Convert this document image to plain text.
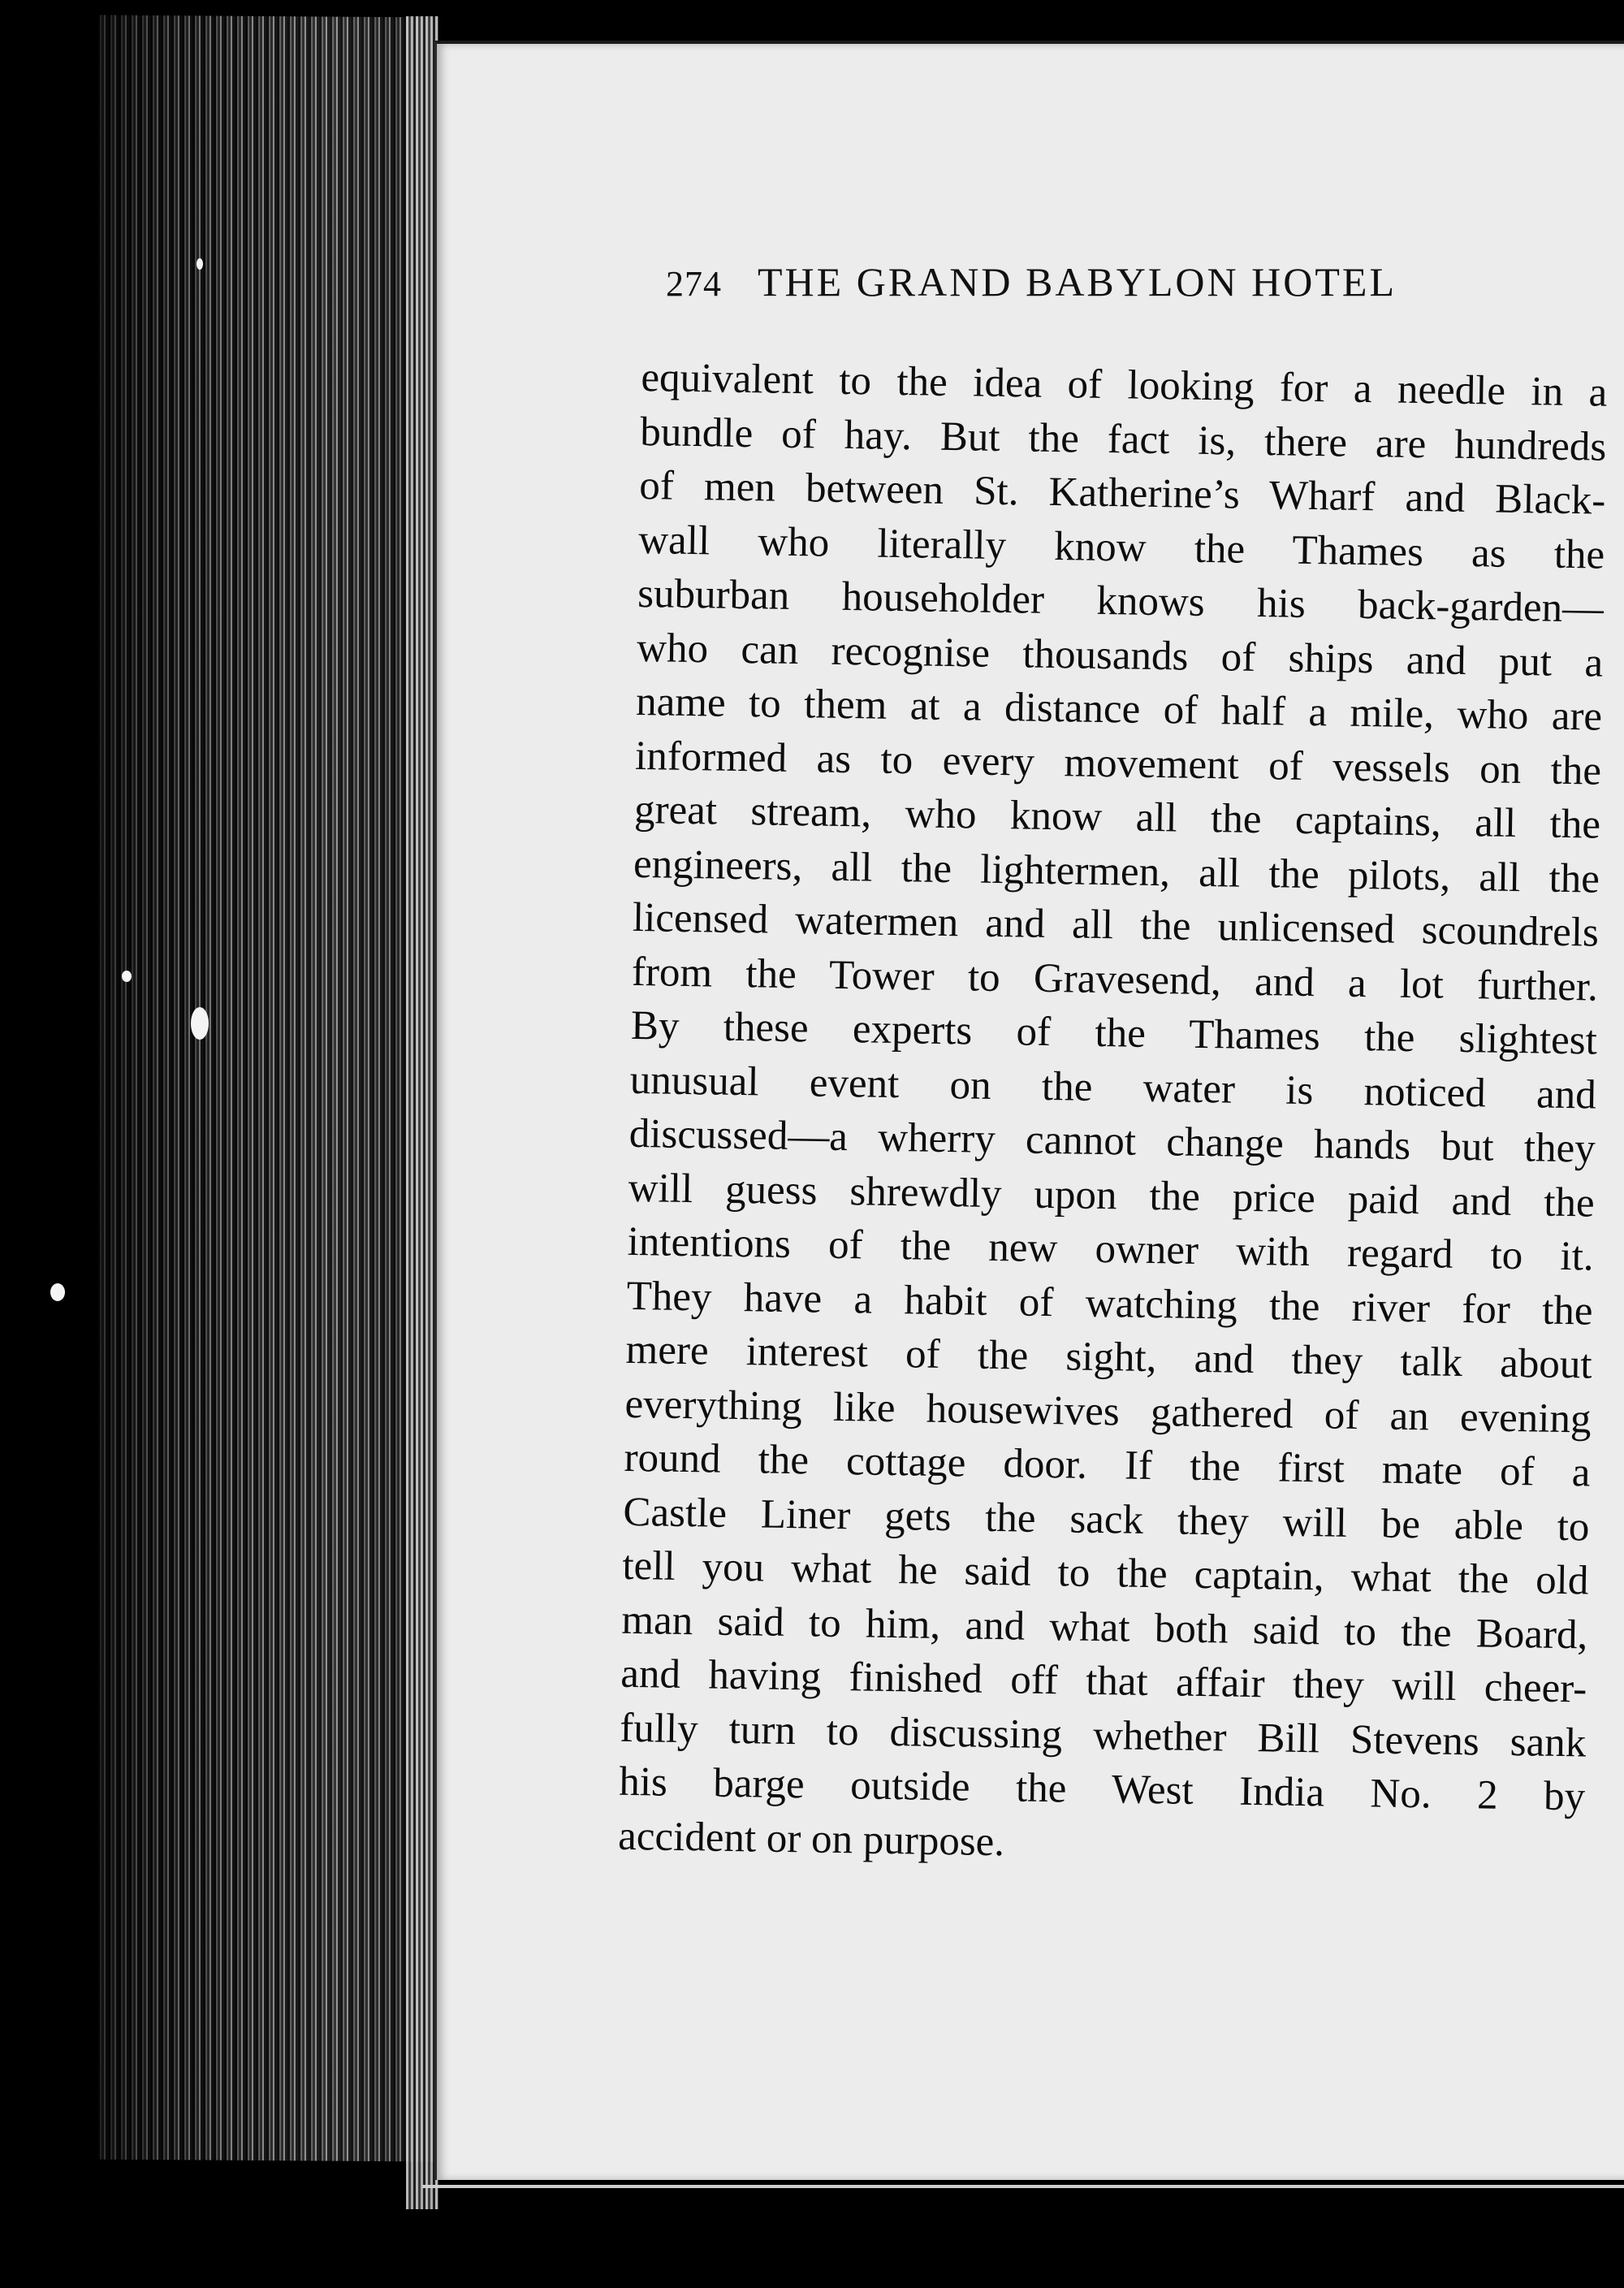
274 THE GRAND BABYLON HOTEL
equivalent to the idea of looking for a needle in a
bundle of hay. But the fact is, there are hundreds
of men between St. Katherine’s Wharf and Black-
wall who literally know the Thames as the
suburban householder knows his back-garden—
who can recognise thousands of ships and put a
name to them at a distance of half a mile, who are
informed as to every movement of vessels on the
great stream, who know all the captains, all the
engineers, all the lightermen, all the pilots, all the
licensed watermen and all the unlicensed scoundrels
from the Tower to Gravesend, and a lot further.
By these experts of the Thames the slightest
unusual event on the water is noticed and
discussed—a wherry cannot change hands but they
will guess shrewdly upon the price paid and the
intentions of the new owner with regard to it.
They have a habit of watching the river for the
mere interest of the sight, and they talk about
everything like housewives gathered of an evening
round the cottage door. If the first mate of a
Castle Liner gets the sack they will be able to
tell you what he said to the captain, what the old
man said to him, and what both said to the Board,
and having finished off that affair they will cheer-
fully turn to discussing whether Bill Stevens sank
his barge outside the West India No. 2 by
accident or on purpose.
